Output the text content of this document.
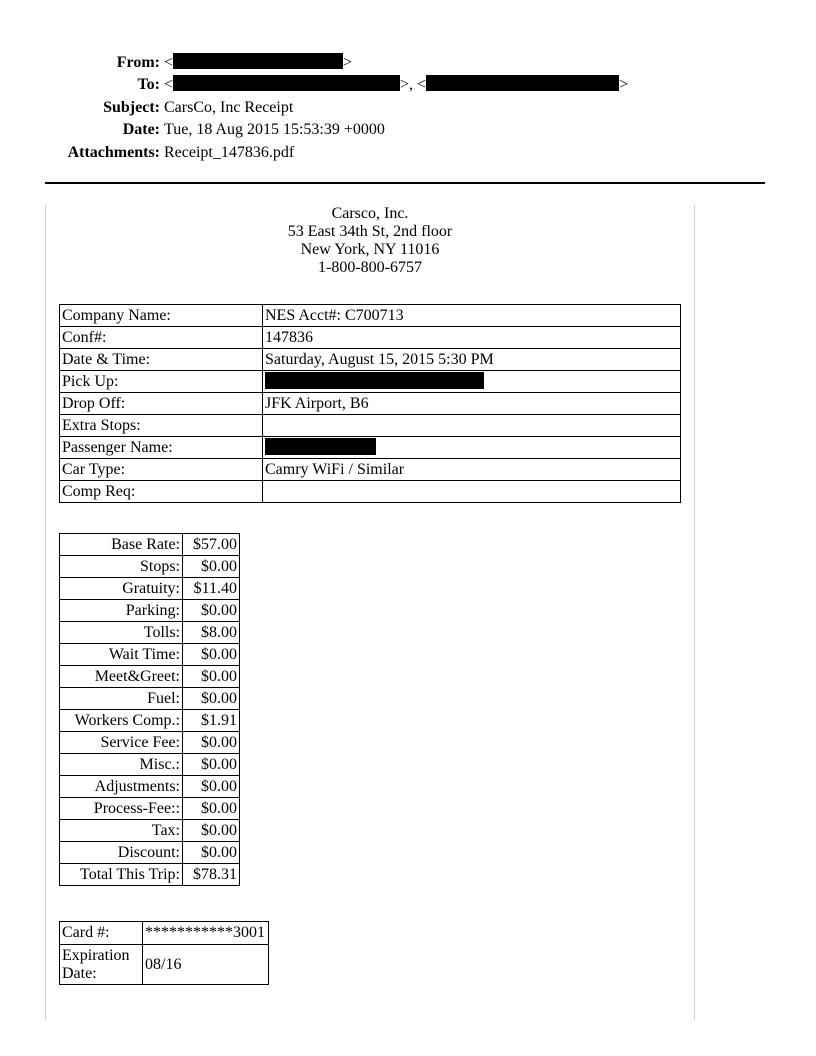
From: <	>
To: <	>, <	>
Subject: CarsCo, Inc Receipt
Date: Tue, 18 Aug 2015 15:53:39 +0000
Attachments: Receipt_147836.pdf
Carsco, Inc.
53 East 34th St, 2nd floor
New York, NY 11016
1-800-800-6757
Company Name:	NES Acct#: C700713
Conf#:	147836
Date & Time:	Saturday, August 15, 2015 5:30 PM
Pick Up:	
Drop Off:	JFK Airport, B6
Extra Stops:	
Passenger Name:	
Car Type:	Camry WiFi / Similar
Comp Req:	
Base Rate:	$57.00
Stops:	$0.00
Gratuity:	$11.40
Parking:	$0.00
Tolls:	$8.00
Wait Time:	$0.00
Meet&Greet:	$0.00
Fuel:	$0.00
Workers Comp.:	$1.91
Service Fee:	$0.00
Misc.:	$0.00
Adjustments:	$0.00
Process-Fee::	$0.00
Tax:	$0.00
Discount:	$0.00
Total This Trip:	$78.31
Card #:	***********3001
Expiration
Date:	08/16
